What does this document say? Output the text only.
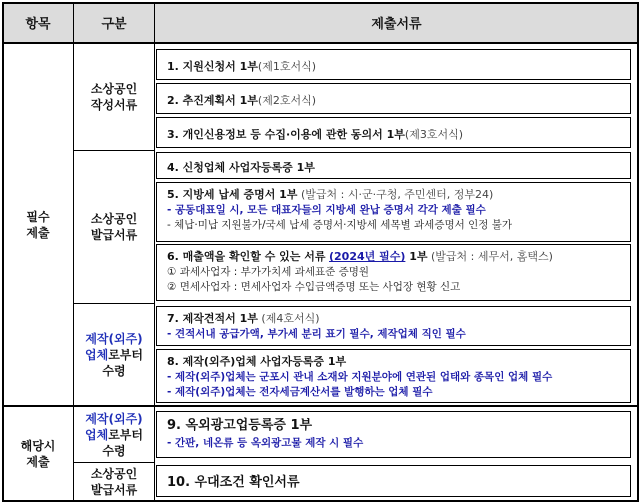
항목	구분	제출서류
필수
제출
해당시
제출
소상공인
작성서류
소상공인
발급서류
제작(외주)
업체로부터
수령
제작(외주)
업체로부터
수령
소상공인
발급서류
1. 지원신청서 1부(제1호서식)
2. 추진계획서 1부(제2호서식)
3. 개인신용정보 등 수집·이용에 관한 동의서 1부(제3호서식)
4. 신청업체 사업자등록증 1부
5. 지방세 납세 증명서 1부 (발급처 : 시·군·구청, 주민센터, 정부24)
- 공동대표일 시, 모든 대표자들의 지방세 완납 증명서 각각 제출 필수
- 체납·미납 지원불가/국세 납세 증명서·지방세 세목별 과세증명서 인정 불가
6. 매출액을 확인할 수 있는 서류 (2024년 필수) 1부 (발급처 : 세무서, 홈택스)
① 과세사업자 : 부가가치세 과세표준 증명원
② 면세사업자 : 면세사업자 수입금액증명 또는 사업장 현황 신고
7. 제작견적서 1부 (제4호서식)
- 견적서내 공급가액, 부가세 분리 표기 필수, 제작업체 직인 필수
8. 제작(외주)업체 사업자등록증 1부
- 제작(외주)업체는 군포시 관내 소재와 지원분야에 연관된 업태와 종목인 업체 필수
- 제작(외주)업체는 전자세금계산서를 발행하는 업체 필수
9. 옥외광고업등록증 1부
- 간판, 네온류 등 옥외광고물 제작 시 필수
10. 우대조건 확인서류
